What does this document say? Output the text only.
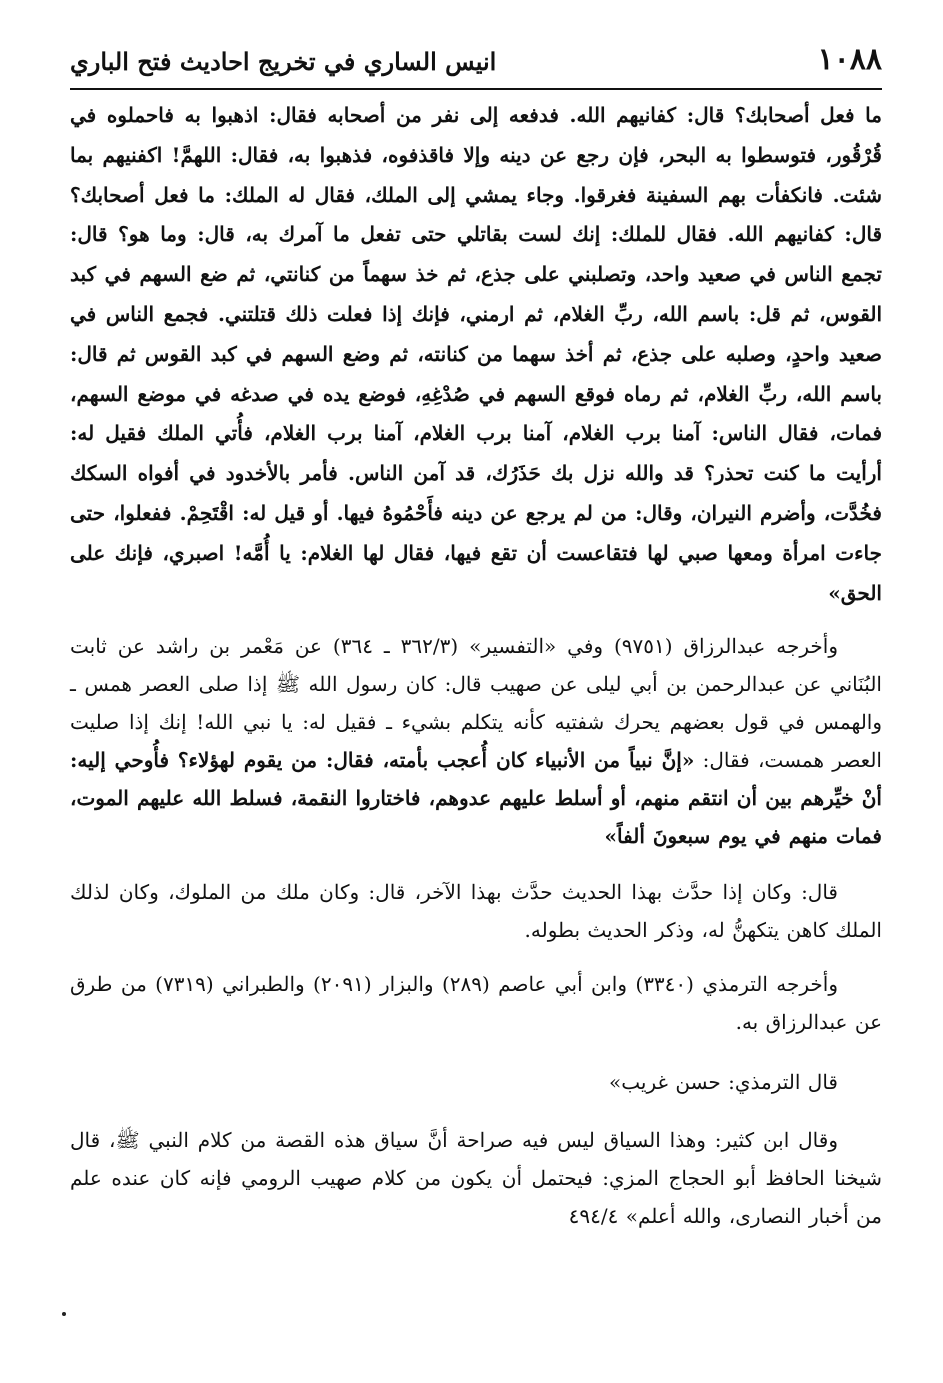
١٠٨٨
انيس الساري في تخريج احاديث فتح الباري

ما فعل أصحابك؟ قال: كفانيهم الله. فدفعه إلى نفر من أصحابه فقال: اذهبوا به فاحملوه في قُرْقُور، فتوسطوا به البحر، فإن رجع عن دينه وإلا فاقذفوه، فذهبوا به، فقال: اللهمَّ! اكفنيهم بما شئت. فانكفأت بهم السفينة فغرقوا. وجاء يمشي إلى الملك، فقال له الملك: ما فعل أصحابك؟ قال: كفانيهم الله. فقال للملك: إنك لست بقاتلي حتى تفعل ما آمرك به، قال: وما هو؟ قال: تجمع الناس في صعيد واحد، وتصلبني على جذع، ثم خذ سهماً من كنانتي، ثم ضع السهم في كبد القوس، ثم قل: باسم الله، ربِّ الغلام، ثم ارمني، فإنك إذا فعلت ذلك قتلتني. فجمع الناس في صعيد واحدٍ، وصلبه على جذع، ثم أخذ سهما من كنانته، ثم وضع السهم في كبد القوس ثم قال: باسم الله، ربِّ الغلام، ثم رماه فوقع السهم في صُدْغِهِ، فوضع يده في صدغه في موضع السهم، فمات، فقال الناس: آمنا برب الغلام، آمنا برب الغلام، آمنا برب الغلام، فأُتي الملك فقيل له: أرأيت ما كنت تحذر؟ قد والله نزل بك حَذَرُك، قد آمن الناس. فأمر بالأخدود في أفواه السكك فخُدَّت، وأضرم النيران، وقال: من لم يرجع عن دينه فأَحْمُوهُ فيها. أو قيل له: اقْتَحِمْ. ففعلوا، حتى جاءت امرأة ومعها صبي لها فتقاعست أن تقع فيها، فقال لها الغلام: يا أُمَّه! اصبري، فإنك على الحق»

وأخرجه عبدالرزاق (٩٧٥١) وفي «التفسير» (٣٦٢/٣ ـ ٣٦٤) عن مَعْمر بن راشد عن ثابت البُنَاني عن عبدالرحمن بن أبي ليلى عن صهيب قال: كان رسول الله ﷺ إذا صلى العصر همس ـ والهمس في قول بعضهم يحرك شفتيه كأنه يتكلم بشيء ـ فقيل له: يا نبي الله! إنك إذا صليت العصر همست، فقال: «إنَّ نبياً من الأنبياء كان أُعجب بأمته، فقال: من يقوم لهؤلاء؟ فأُوحي إليه: أنْ خيِّرهم بين أن انتقم منهم، أو أسلط عليهم عدوهم، فاختاروا النقمة، فسلط الله عليهم الموت، فمات منهم في يوم سبعونَ ألفاً»

قال: وكان إذا حدَّث بهذا الحديث حدَّث بهذا الآخر، قال: وكان ملك من الملوك، وكان لذلك الملك كاهن يتكهنُّ له، وذكر الحديث بطوله.

وأخرجه الترمذي (٣٣٤٠) وابن أبي عاصم (٢٨٩) والبزار (٢٠٩١) والطبراني (٧٣١٩) من طرق عن عبدالرزاق به.

قال الترمذي: حسن غريب»

وقال ابن كثير: وهذا السياق ليس فيه صراحة أنَّ سياق هذه القصة من كلام النبي ﷺ، قال شيخنا الحافظ أبو الحجاج المزي: فيحتمل أن يكون من كلام صهيب الرومي فإنه كان عنده علم من أخبار النصارى، والله أعلم» ٤٩٤/٤
